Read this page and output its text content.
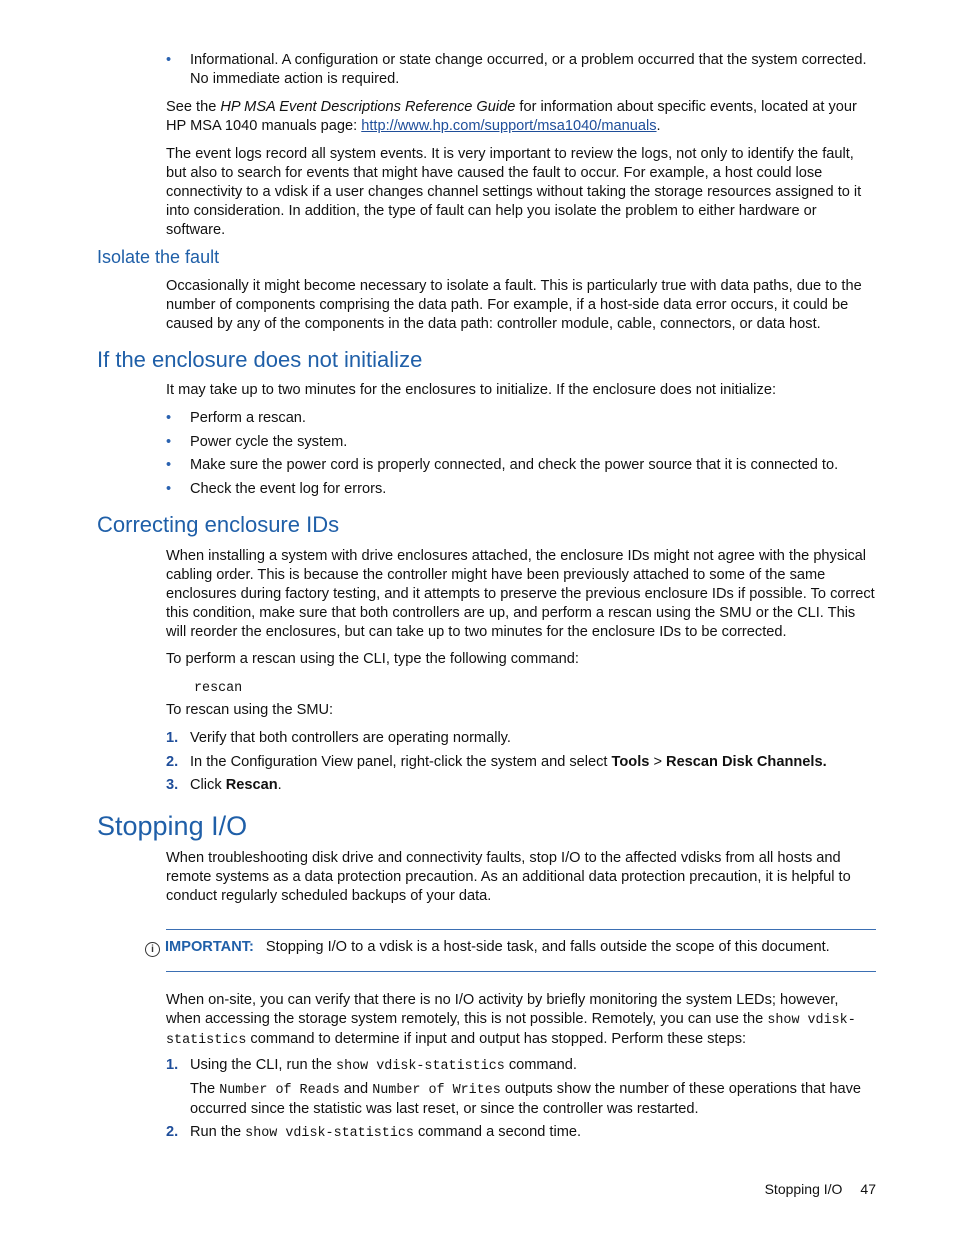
• Informational. A configuration or state change occurred, or a problem occurred that the system corrected. No immediate action is required.

See the HP MSA Event Descriptions Reference Guide for information about specific events, located at your HP MSA 1040 manuals page: http://www.hp.com/support/msa1040/manuals.

The event logs record all system events. It is very important to review the logs, not only to identify the fault, but also to search for events that might have caused the fault to occur. For example, a host could lose connectivity to a vdisk if a user changes channel settings without taking the storage resources assigned to it into consideration. In addition, the type of fault can help you isolate the problem to either hardware or software.

Isolate the fault

Occasionally it might become necessary to isolate a fault. This is particularly true with data paths, due to the number of components comprising the data path. For example, if a host-side data error occurs, it could be caused by any of the components in the data path: controller module, cable, connectors, or data host.

If the enclosure does not initialize

It may take up to two minutes for the enclosures to initialize. If the enclosure does not initialize:

• Perform a rescan.
• Power cycle the system.
• Make sure the power cord is properly connected, and check the power source that it is connected to.
• Check the event log for errors.
Correcting enclosure IDs

When installing a system with drive enclosures attached, the enclosure IDs might not agree with the physical cabling order. This is because the controller might have been previously attached to some of the same enclosures during factory testing, and it attempts to preserve the previous enclosure IDs if possible. To correct this condition, make sure that both controllers are up, and perform a rescan using the SMU or the CLI. This will reorder the enclosures, but can take up to two minutes for the enclosure IDs to be corrected.

To perform a rescan using the CLI, type the following command:

rescan

To rescan using the SMU:

1. Verify that both controllers are operating normally.
2. In the Configuration View panel, right-click the system and select Tools > Rescan Disk Channels.
3. Click Rescan.
Stopping I/O

When troubleshooting disk drive and connectivity faults, stop I/O to the affected vdisks from all hosts and remote systems as a data protection precaution. As an additional data protection precaution, it is helpful to conduct regularly scheduled backups of your data.

i IMPORTANT: Stopping I/O to a vdisk is a host-side task, and falls outside the scope of this document.

When on-site, you can verify that there is no I/O activity by briefly monitoring the system LEDs; however, when accessing the storage system remotely, this is not possible. Remotely, you can use the show vdisk-statistics command to determine if input and output has stopped. Perform these steps:

1. Using the CLI, run the show vdisk-statistics command.

The Number of Reads and Number of Writes outputs show the number of these operations that have occurred since the statistic was last reset, or since the controller was restarted.

2. Run the show vdisk-statistics command a second time.
Stopping I/O 47
